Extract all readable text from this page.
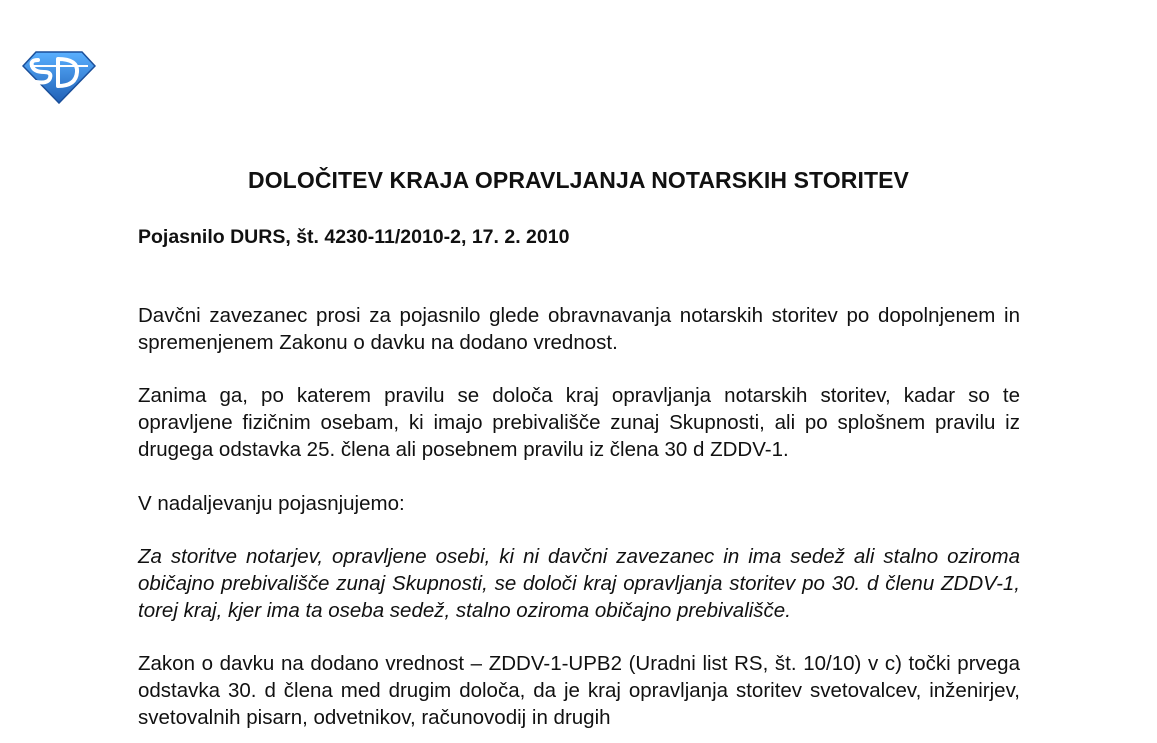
DOLOČITEV KRAJA OPRAVLJANJA NOTARSKIH STORITEV
Pojasnilo DURS, št. 4230-11/2010-2, 17. 2. 2010

Davčni zavezanec prosi za pojasnilo glede obravnavanja notarskih storitev po dopolnjenem in spremenjenem Zakonu o davku na dodano vrednost.

Zanima ga, po katerem pravilu se določa kraj opravljanja notarskih storitev, kadar so te opravljene fizičnim osebam, ki imajo prebivališče zunaj Skupnosti, ali po splošnem pravilu iz drugega odstavka 25. člena ali posebnem pravilu iz člena 30 d ZDDV-1.

V nadaljevanju pojasnjujemo:

Za storitve notarjev, opravljene osebi, ki ni davčni zavezanec in ima sedež ali stalno oziroma običajno prebivališče zunaj Skupnosti, se določi kraj opravljanja storitev po 30. d členu ZDDV-1, torej kraj, kjer ima ta oseba sedež, stalno oziroma običajno prebivališče.

Zakon o davku na dodano vrednost – ZDDV-1-UPB2 (Uradni list RS, št. 10/10) v c) točki prvega odstavka 30. d člena med drugim določa, da je kraj opravljanja storitev svetovalcev, inženirjev, svetovalnih pisarn, odvetnikov, računovodij in drugih
